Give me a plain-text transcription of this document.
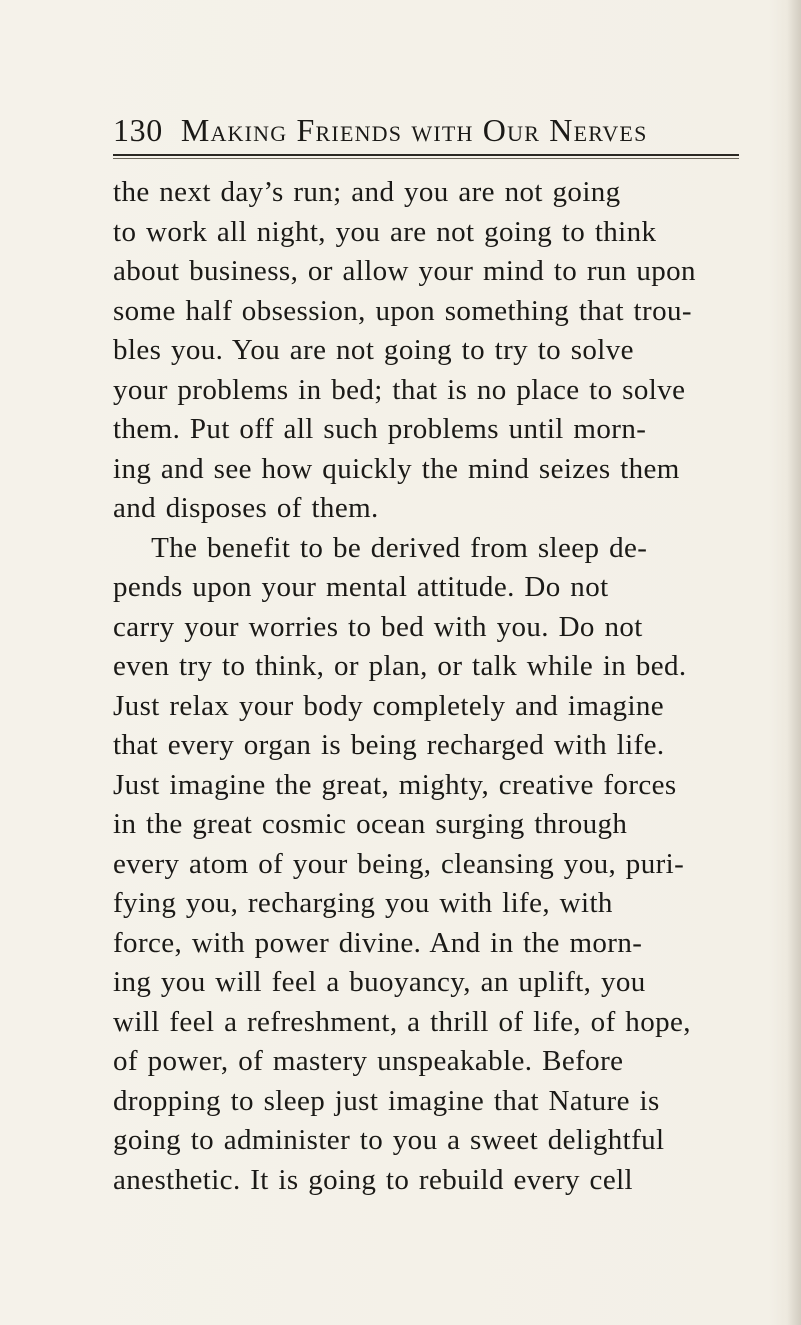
130 Making Friends with Our Nerves
the next day’s run; and you are not going
to work all night, you are not going to think
about business, or allow your mind to run upon
some half obsession, upon something that trou-
bles you. You are not going to try to solve
your problems in bed; that is no place to solve
them. Put off all such problems until morn-
ing and see how quickly the mind seizes them
and disposes of them.
The benefit to be derived from sleep de-
pends upon your mental attitude. Do not
carry your worries to bed with you. Do not
even try to think, or plan, or talk while in bed.
Just relax your body completely and imagine
that every organ is being recharged with life.
Just imagine the great, mighty, creative forces
in the great cosmic ocean surging through
every atom of your being, cleansing you, puri-
fying you, recharging you with life, with
force, with power divine. And in the morn-
ing you will feel a buoyancy, an uplift, you
will feel a refreshment, a thrill of life, of hope,
of power, of mastery unspeakable. Before
dropping to sleep just imagine that Nature is
going to administer to you a sweet delightful
anesthetic. It is going to rebuild every cell
